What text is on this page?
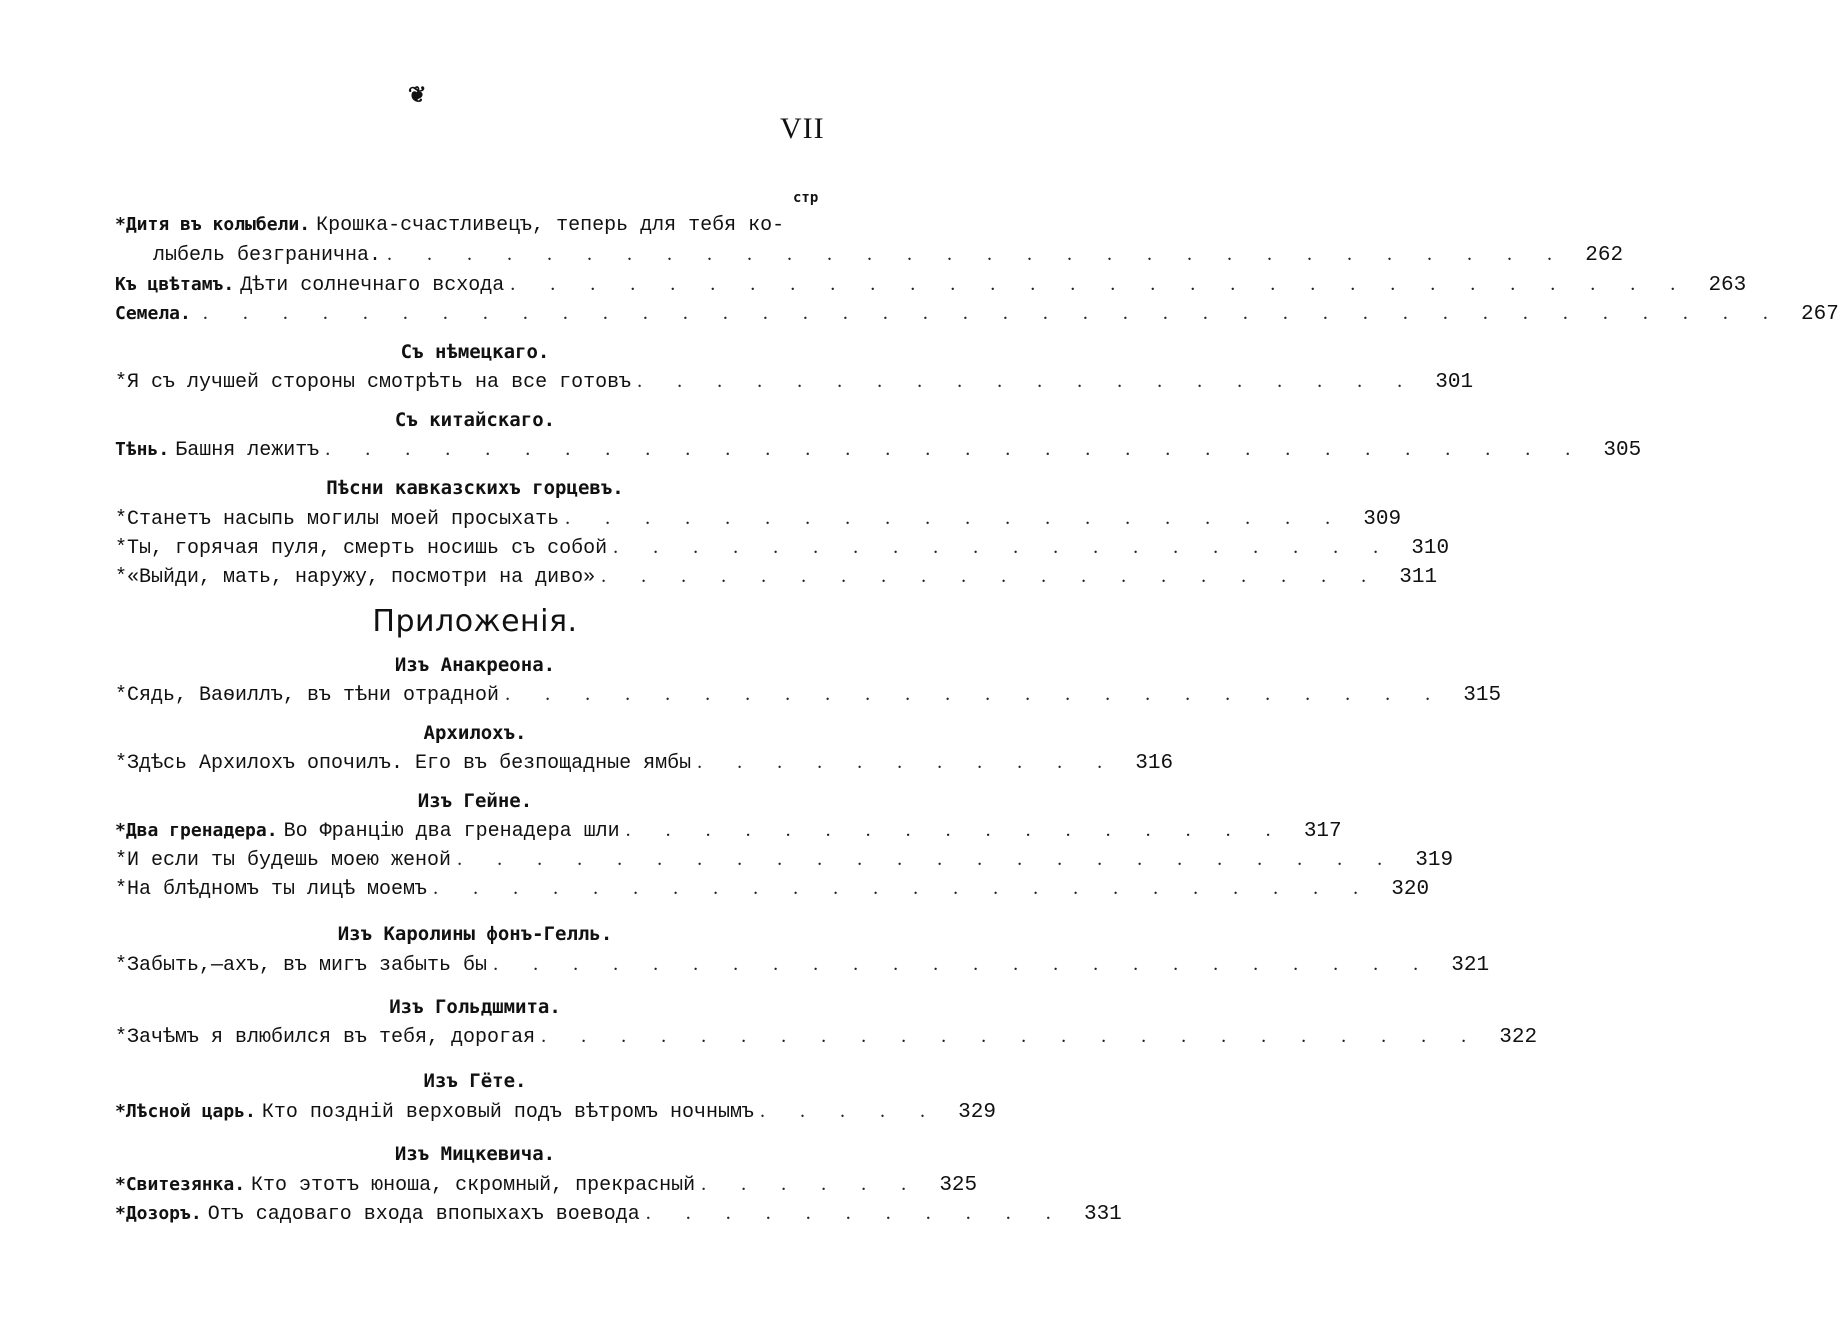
❦
VII
стр
*Дитя въ колыбели. Крошка-счастливецъ, теперь для тебя ко-
лыбель безгранична. . . . . . . . . . . . . . . . . . . . . . . . . . . . . . . 262
Къ цвѣтамъ. Дѣти солнечнаго всхода . . . . . . . . . . . . . . . . . . . . . . . . . . . . . . 263
Семела. . . . . . . . . . . . . . . . . . . . . . . . . . . . . . . . . . . . . . . . . 267
Съ нѣмецкаго.
*Я съ лучшей стороны смотрѣть на все готовъ . . . . . . . . . . . . . . . . . . . . 301
Съ китайскаго.
Тѣнь. Башня лежитъ . . . . . . . . . . . . . . . . . . . . . . . . . . . . . . . . 305
Пѣсни кавказскихъ горцевъ.
*Станетъ насыпь могилы моей просыхать . . . . . . . . . . . . . . . . . . . . 309
*Ты, горячая пуля, смерть носишь съ собой . . . . . . . . . . . . . . . . . . . . 310
*«Выйди, мать, наружу, посмотри на диво» . . . . . . . . . . . . . . . . . . . . 311
Приложенія.
Изъ Анакреона.
*Сядь, Ваѳиллъ, въ тѣни отрадной . . . . . . . . . . . . . . . . . . . . . . . . 315
Архилохъ.
*Здѣсь Архилохъ опочилъ. Его въ безпощадные ямбы . . . . . . . . . . . 316
Изъ Гейне.
*Два гренадера. Во Францію два гренадера шли . . . . . . . . . . . . . . . . . 317
*И если ты будешь моею женой . . . . . . . . . . . . . . . . . . . . . . . . 319
*На блѣдномъ ты лицѣ моемъ . . . . . . . . . . . . . . . . . . . . . . . . 320
Изъ Каролины фонъ-Гелль.
*Забыть,—ахъ, въ мигъ забыть бы . . . . . . . . . . . . . . . . . . . . . . . . 321
Изъ Гольдшмита.
*Зачѣмъ я влюбился въ тебя, дорогая . . . . . . . . . . . . . . . . . . . . . . . . 322
Изъ Гёте.
*Лѣсной царь. Кто позднiй верховый подъ вѣтромъ ночнымъ . . . . . 329
Изъ Мицкевича.
*Свитезянка. Кто этотъ юноша, скромный, прекрасный . . . . . . 325
*Дозоръ. Отъ садоваго входа впопыхахъ воевода . . . . . . . . . . . 331
